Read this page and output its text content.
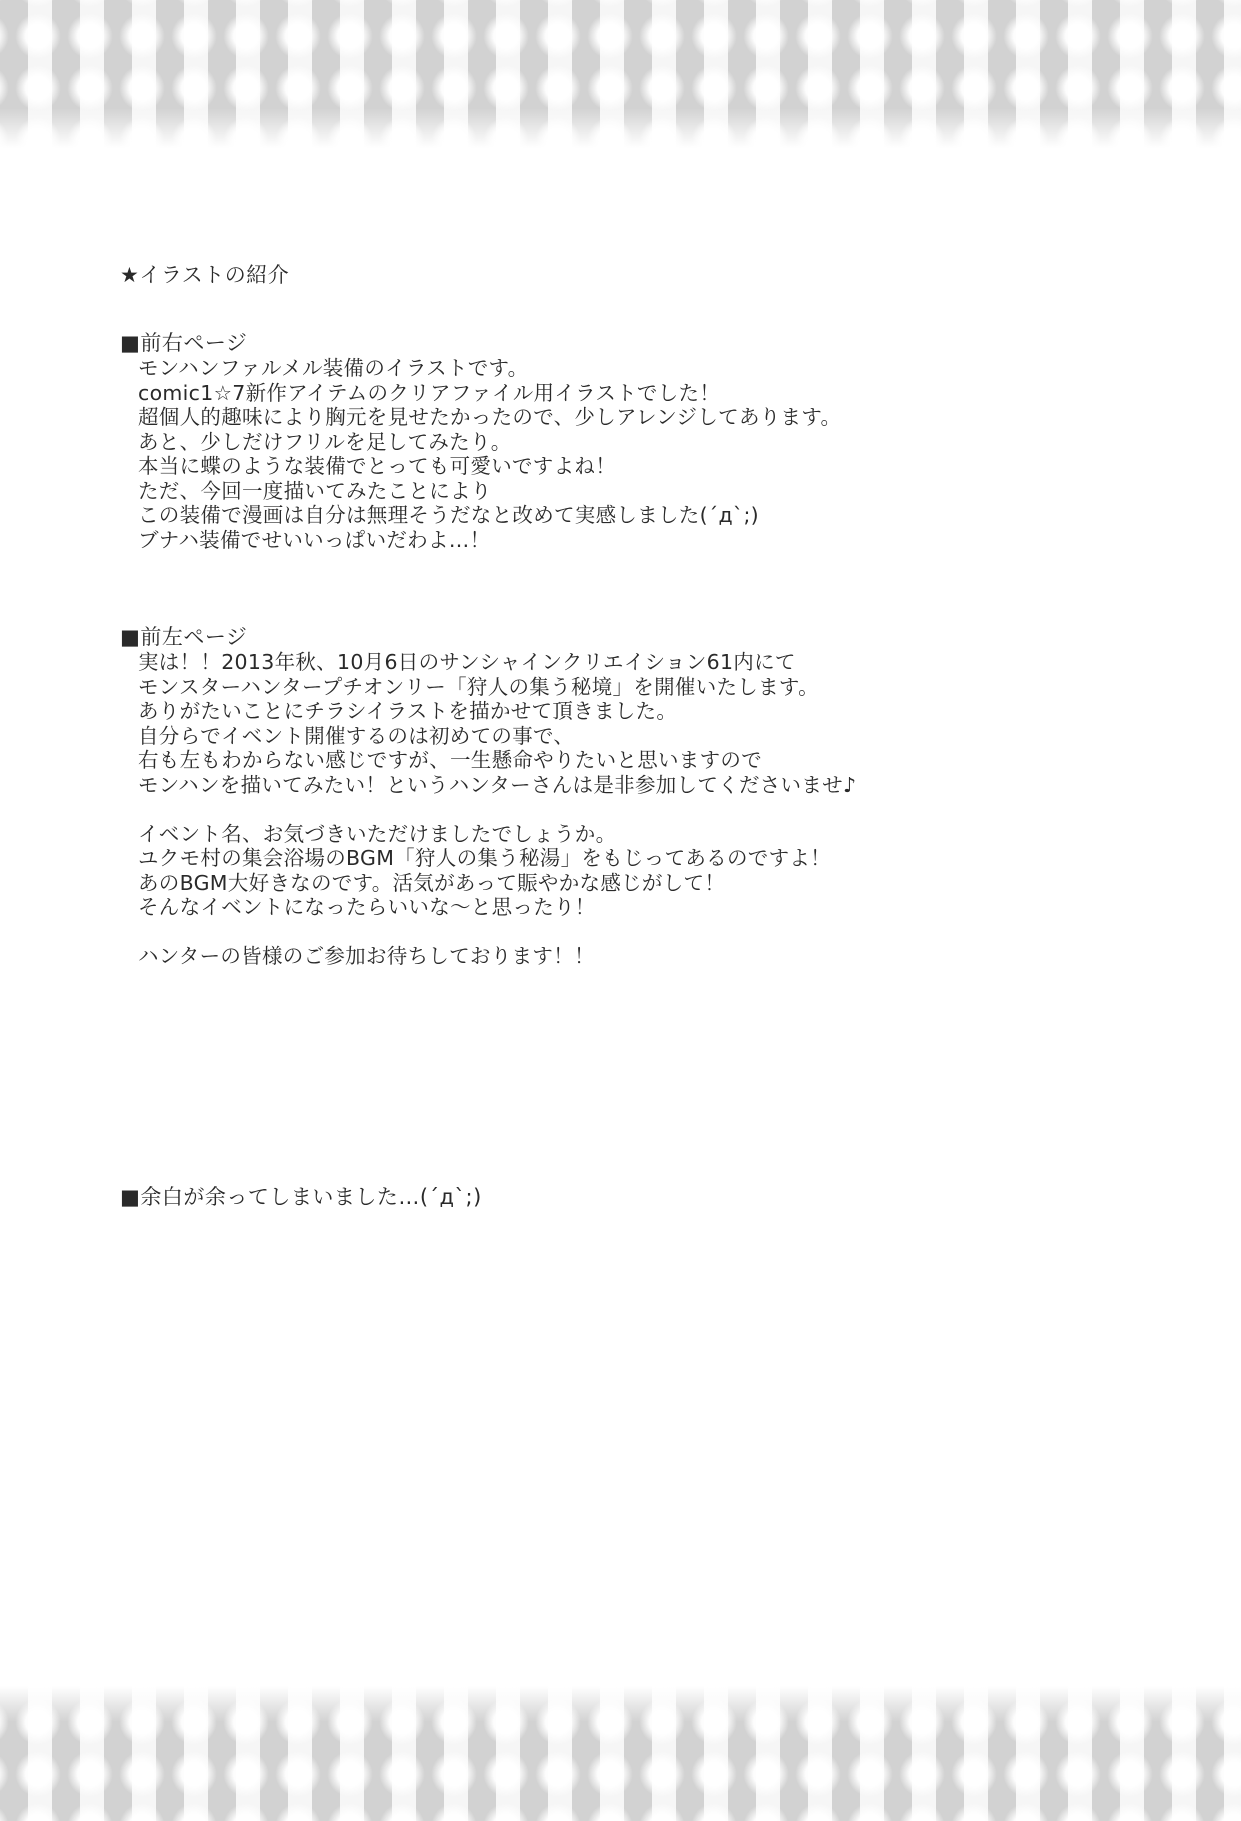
★イラストの紹介
■前右ページ
モンハンファルメル装備のイラストです。
comic1☆7新作アイテムのクリアファイル用イラストでした！
超個人的趣味により胸元を見せたかったので、少しアレンジしてあります。
あと、少しだけフリルを足してみたり。
本当に蝶のような装備でとっても可愛いですよね！
ただ、今回一度描いてみたことにより
この装備で漫画は自分は無理そうだなと改めて実感しました(´д`;)
ブナハ装備でせいいっぱいだわよ…！
■前左ページ
実は！！2013年秋、10月6日のサンシャインクリエイション61内にて
モンスターハンタープチオンリー「狩人の集う秘境」を開催いたします。
ありがたいことにチラシイラストを描かせて頂きました。
自分らでイベント開催するのは初めての事で、
右も左もわからない感じですが、一生懸命やりたいと思いますので
モンハンを描いてみたい！というハンターさんは是非参加してくださいませ♪
イベント名、お気づきいただけましたでしょうか。
ユクモ村の集会浴場のBGM「狩人の集う秘湯」をもじってあるのですよ！
あのBGM大好きなのです。活気があって賑やかな感じがして！
そんなイベントになったらいいな～と思ったり！
ハンターの皆様のご参加お待ちしております！！
■余白が余ってしまいました…(´д`;)
